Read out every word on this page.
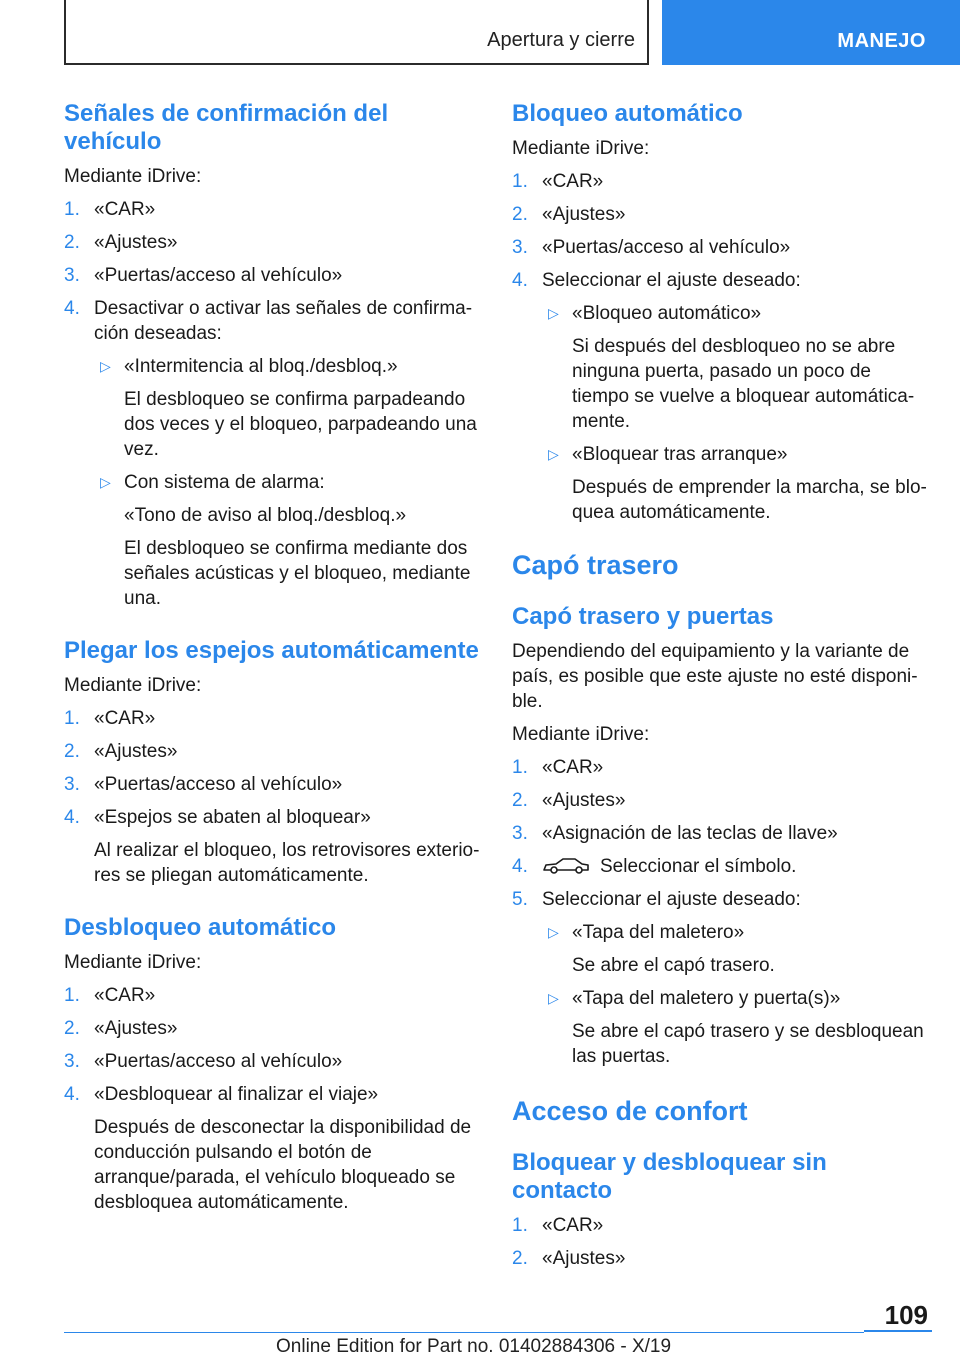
Apertura y cierre	MANEJO
Señales de confirmación del vehículo

Mediante iDrive:

1. «CAR»
2. «Ajustes»
3. «Puertas/acceso al vehículo»
4. Desactivar o activar las señales de confirma‐ción deseadas:
▷ «Intermitencia al bloq./desbloq.»
El desbloqueo se confirma parpadeando dos veces y el bloqueo, parpadeando una vez.
▷ Con sistema de alarma:
«Tono de aviso al bloq./desbloq.»
El desbloqueo se confirma mediante dos señales acústicas y el bloqueo, mediante una.
Plegar los espejos automáticamente

Mediante iDrive:

1. «CAR»
2. «Ajustes»
3. «Puertas/acceso al vehículo»
4. «Espejos se abaten al bloquear»
Al realizar el bloqueo, los retrovisores exterio‐res se pliegan automáticamente.
Desbloqueo automático

Mediante iDrive:

1. «CAR»
2. «Ajustes»
3. «Puertas/acceso al vehículo»
4. «Desbloquear al finalizar el viaje»
Después de desconectar la disponibilidad de conducción pulsando el botón de arranque/parada, el vehículo bloqueado se desbloquea automáticamente.
Bloqueo automático

Mediante iDrive:

1. «CAR»
2. «Ajustes»
3. «Puertas/acceso al vehículo»
4. Seleccionar el ajuste deseado:
▷ «Bloqueo automático»
Si después del desbloqueo no se abre ninguna puerta, pasado un poco de tiempo se vuelve a bloquear automática‐mente.
▷ «Bloquear tras arranque»
Después de emprender la marcha, se blo‐quea automáticamente.
Capó trasero
Capó trasero y puertas

Dependiendo del equipamiento y la variante de país, es posible que este ajuste no esté disponi‐ble.

Mediante iDrive:

1. «CAR»
2. «Ajustes»
3. «Asignación de las teclas de llave»
4.	Seleccionar el símbolo.
5. Seleccionar el ajuste deseado:
▷ «Tapa del maletero»
Se abre el capó trasero.
▷ «Tapa del maletero y puerta(s)»
Se abre el capó trasero y se desbloquean las puertas.
Acceso de confort
Bloquear y desbloquear sin contacto
1. «CAR»
2. «Ajustes»
109
Online Edition for Part no. 01402884306 - X/19
